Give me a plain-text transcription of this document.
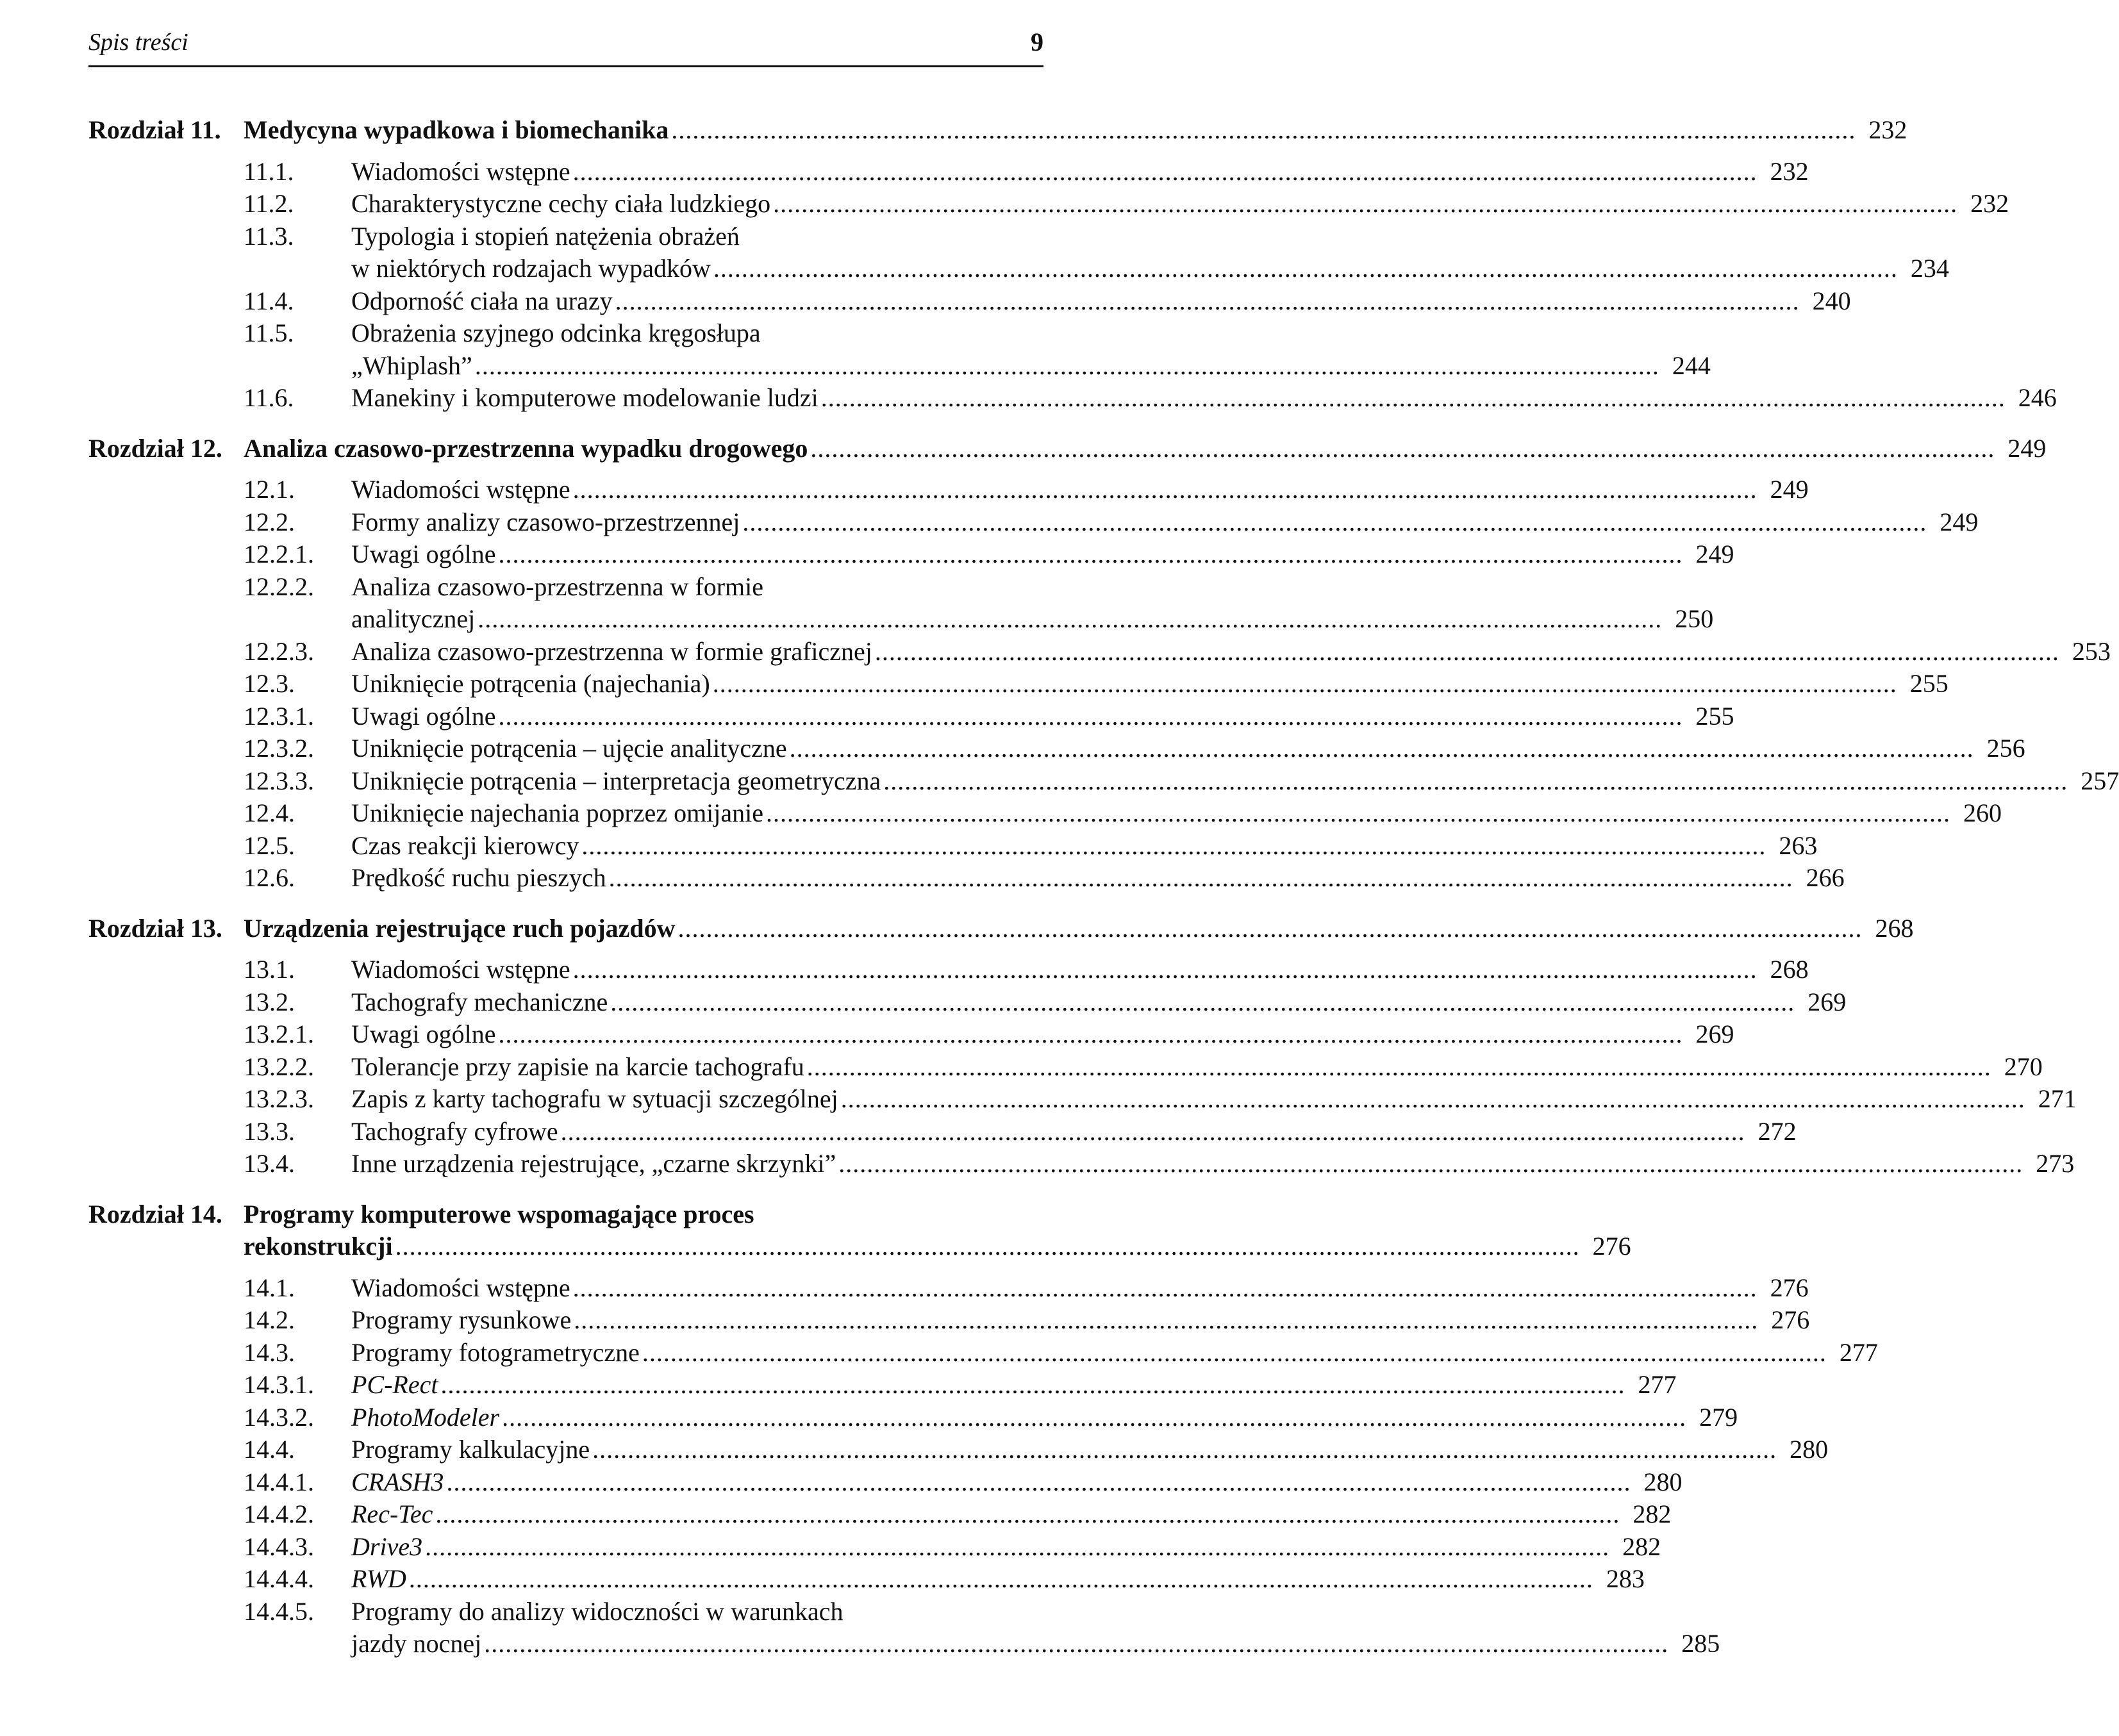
Spis treści	9
Rozdział 11. Medycyna wypadkowa i biomechanika .....	232
11.1.	Wiadomości wstępne .....	232
11.2.	Charakterystyczne cechy ciała ludzkiego .....	232
11.3.	Typologia i stopień natężenia obrażeń
w niektórych rodzajach wypadków .....	234
11.4.	Odporność ciała na urazy .....	240
11.5.	Obrażenia szyjnego odcinka kręgosłupa
„Whiplash” .....	244
11.6.	Manekiny i komputerowe modelowanie ludzi .....	246
Rozdział 12. Analiza czasowo-przestrzenna wypadku drogowego .....	249
12.1.	Wiadomości wstępne .....	249
12.2.	Formy analizy czasowo-przestrzennej .....	249
12.2.1.	Uwagi ogólne .....	249
12.2.2.	Analiza czasowo-przestrzenna w formie
analitycznej .....	250
12.2.3.	Analiza czasowo-przestrzenna w formie graficznej .....	253
12.3.	Uniknięcie potrącenia (najechania) .....	255
12.3.1.	Uwagi ogólne .....	255
12.3.2.	Uniknięcie potrącenia – ujęcie analityczne .....	256
12.3.3.	Uniknięcie potrącenia – interpretacja geometryczna .....	257
12.4.	Uniknięcie najechania poprzez omijanie .....	260
12.5.	Czas reakcji kierowcy .....	263
12.6.	Prędkość ruchu pieszych .....	266
Rozdział 13. Urządzenia rejestrujące ruch pojazdów .....	268
13.1.	Wiadomości wstępne .....	268
13.2.	Tachografy mechaniczne .....	269
13.2.1.	Uwagi ogólne .....	269
13.2.2.	Tolerancje przy zapisie na karcie tachografu .....	270
13.2.3.	Zapis z karty tachografu w sytuacji szczególnej .....	271
13.3.	Tachografy cyfrowe .....	272
13.4.	Inne urządzenia rejestrujące, „czarne skrzynki” .....	273
Rozdział 14. Programy komputerowe wspomagające proces
rekonstrukcji .....	276
14.1.	Wiadomości wstępne .....	276
14.2.	Programy rysunkowe .....	276
14.3.	Programy fotogrametryczne .....	277
14.3.1.	PC-Rect .....	277
14.3.2.	PhotoModeler .....	279
14.4.	Programy kalkulacyjne .....	280
14.4.1.	CRASH3 .....	280
14.4.2.	Rec-Tec .....	282
14.4.3.	Drive3 .....	282
14.4.4.	RWD .....	283
14.4.5.	Programy do analizy widoczności w warunkach
jazdy nocnej .....	285
